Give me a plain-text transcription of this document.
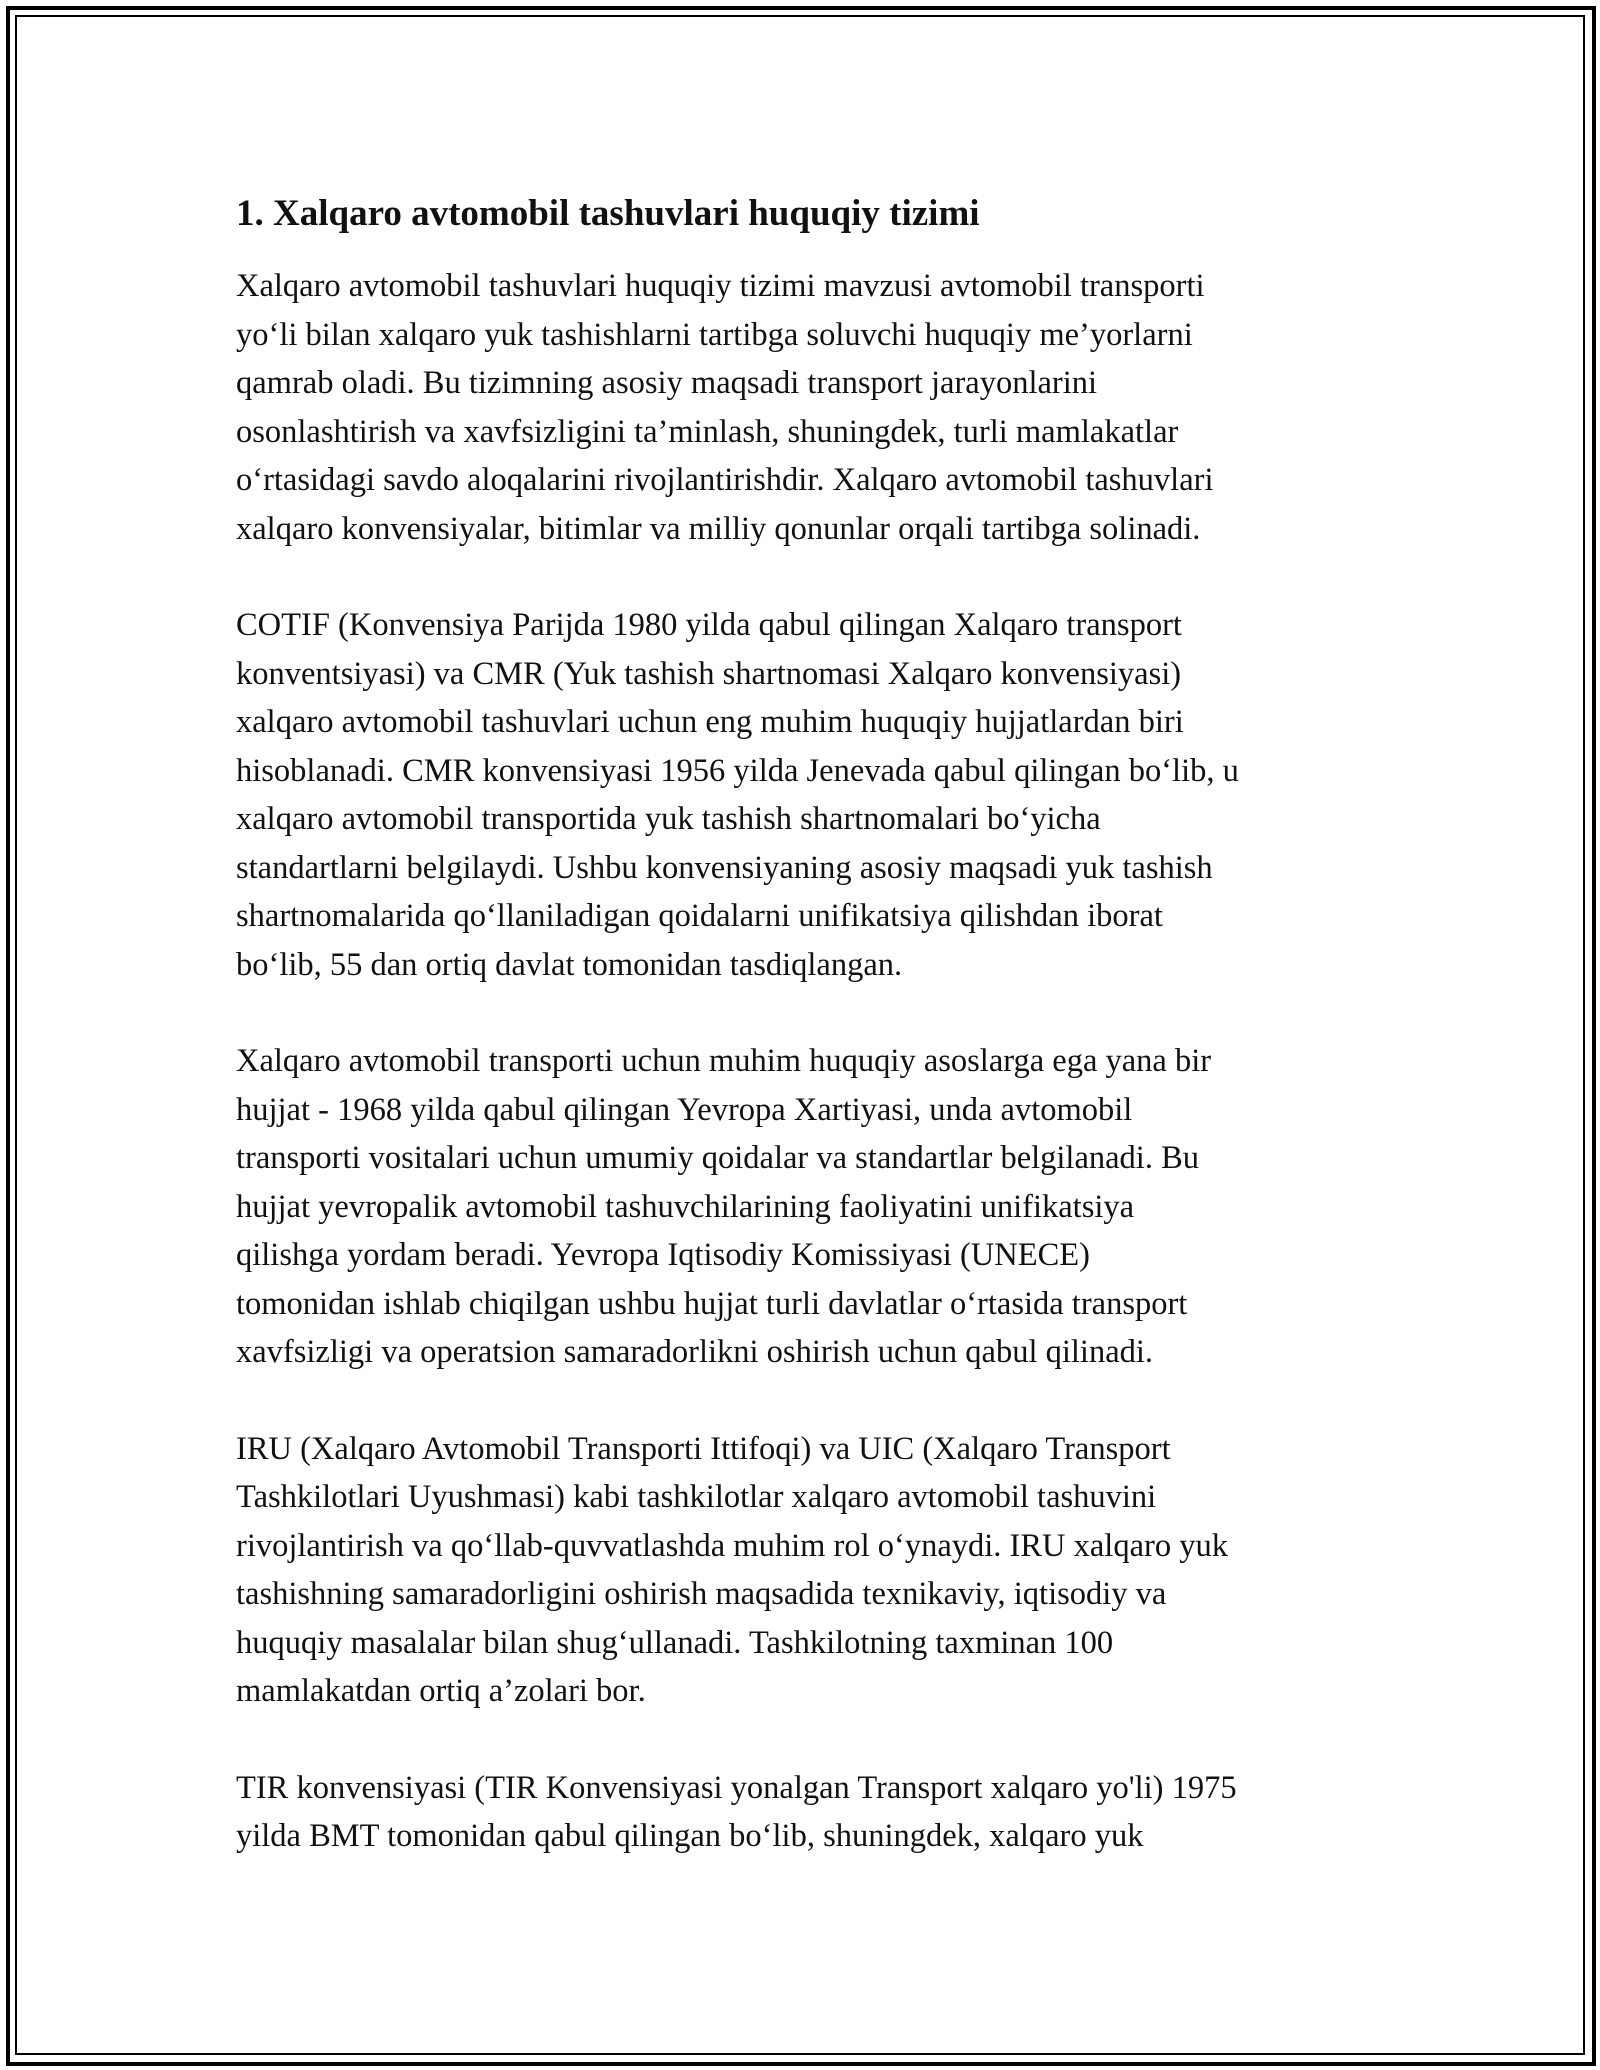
1. Xalqaro avtomobil tashuvlari huquqiy tizimi

Xalqaro avtomobil tashuvlari huquqiy tizimi mavzusi avtomobil transporti
yo‘li bilan xalqaro yuk tashishlarni tartibga soluvchi huquqiy me’yorlarni
qamrab oladi. Bu tizimning asosiy maqsadi transport jarayonlarini
osonlashtirish va xavfsizligini ta’minlash, shuningdek, turli mamlakatlar
o‘rtasidagi savdo aloqalarini rivojlantirishdir. Xalqaro avtomobil tashuvlari
xalqaro konvensiyalar, bitimlar va milliy qonunlar orqali tartibga solinadi.

COTIF (Konvensiya Parijda 1980 yilda qabul qilingan Xalqaro transport
konventsiyasi) va CMR (Yuk tashish shartnomasi Xalqaro konvensiyasi)
xalqaro avtomobil tashuvlari uchun eng muhim huquqiy hujjatlardan biri
hisoblanadi. CMR konvensiyasi 1956 yilda Jenevada qabul qilingan bo‘lib, u
xalqaro avtomobil transportida yuk tashish shartnomalari bo‘yicha
standartlarni belgilaydi. Ushbu konvensiyaning asosiy maqsadi yuk tashish
shartnomalarida qo‘llaniladigan qoidalarni unifikatsiya qilishdan iborat
bo‘lib, 55 dan ortiq davlat tomonidan tasdiqlangan.

Xalqaro avtomobil transporti uchun muhim huquqiy asoslarga ega yana bir
hujjat - 1968 yilda qabul qilingan Yevropa Xartiyasi, unda avtomobil
transporti vositalari uchun umumiy qoidalar va standartlar belgilanadi. Bu
hujjat yevropalik avtomobil tashuvchilarining faoliyatini unifikatsiya
qilishga yordam beradi. Yevropa Iqtisodiy Komissiyasi (UNECE)
tomonidan ishlab chiqilgan ushbu hujjat turli davlatlar o‘rtasida transport
xavfsizligi va operatsion samaradorlikni oshirish uchun qabul qilinadi.

IRU (Xalqaro Avtomobil Transporti Ittifoqi) va UIC (Xalqaro Transport
Tashkilotlari Uyushmasi) kabi tashkilotlar xalqaro avtomobil tashuvini
rivojlantirish va qo‘llab-quvvatlashda muhim rol o‘ynaydi. IRU xalqaro yuk
tashishning samaradorligini oshirish maqsadida texnikaviy, iqtisodiy va
huquqiy masalalar bilan shug‘ullanadi. Tashkilotning taxminan 100
mamlakatdan ortiq a’zolari bor.

TIR konvensiyasi (TIR Konvensiyasi yonalgan Transport xalqaro yo'li) 1975
yilda BMT tomonidan qabul qilingan bo‘lib, shuningdek, xalqaro yuk
